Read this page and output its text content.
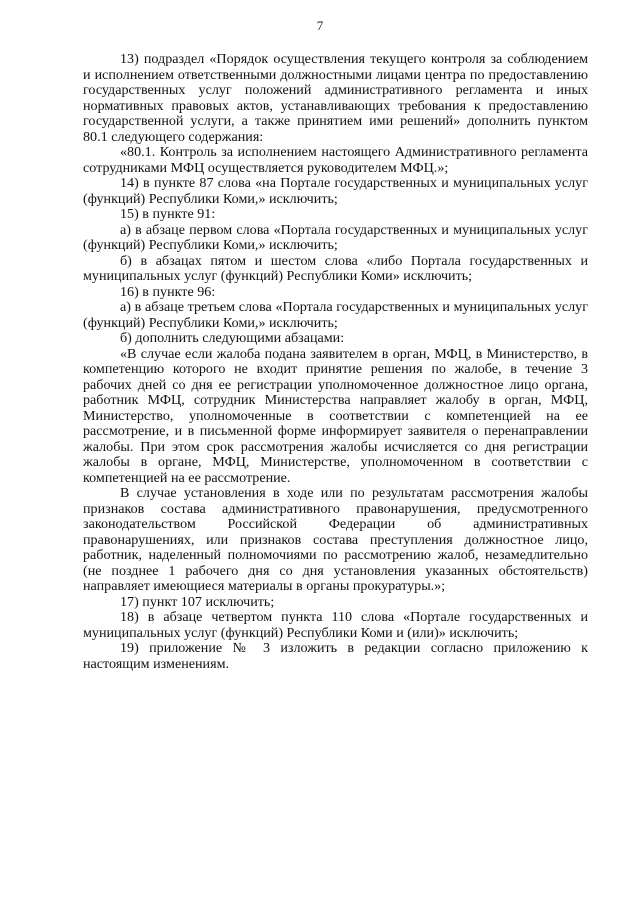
7

13) подраздел «Порядок осуществления текущего контроля за соблюдением и исполнением ответственными должностными лицами центра по предоставлению государственных услуг положений административного регламента и иных нормативных правовых актов, устанавливающих требования к предоставлению государственной услуги, а также принятием ими решений» дополнить пунктом 80.1 следующего содержания:

«80.1. Контроль за исполнением настоящего Административного регламента сотрудниками МФЦ осуществляется руководителем МФЦ.»;

14) в пункте 87 слова «на Портале государственных и муниципальных услуг (функций) Республики Коми,» исключить;

15) в пункте 91:

а) в абзаце первом слова «Портала государственных и муниципальных услуг (функций) Республики Коми,» исключить;

б) в абзацах пятом и шестом слова «либо Портала государственных и муниципальных услуг (функций) Республики Коми» исключить;

16) в пункте 96:

а) в абзаце третьем слова «Портала государственных и муниципальных услуг (функций) Республики Коми,» исключить;

б) дополнить следующими абзацами:

«В случае если жалоба подана заявителем в орган, МФЦ, в Министерство, в компетенцию которого не входит принятие решения по жалобе, в течение 3 рабочих дней со дня ее регистрации уполномоченное должностное лицо органа, работник МФЦ, сотрудник Министерства направляет жалобу в орган, МФЦ, Министерство, уполномоченные в соответствии с компетенцией на ее рассмотрение, и в письменной форме информирует заявителя о перенаправлении жалобы. При этом срок рассмотрения жалобы исчисляется со дня регистрации жалобы в органе, МФЦ, Министерстве, уполномоченном в соответствии с компетенцией на ее рассмотрение.

В случае установления в ходе или по результатам рассмотрения жалобы признаков состава административного правонарушения, предусмотренного законодательством Российской Федерации об административных правонарушениях, или признаков состава преступления должностное лицо, работник, наделенный полномочиями по рассмотрению жалоб, незамедлительно (не позднее 1 рабочего дня со дня установления указанных обстоятельств) направляет имеющиеся материалы в органы прокуратуры.»;

17) пункт 107 исключить;

18) в абзаце четвертом пункта 110 слова «Портале государственных и муниципальных услуг (функций) Республики Коми и (или)» исключить;

19) приложение № 3 изложить в редакции согласно приложению к настоящим изменениям.
